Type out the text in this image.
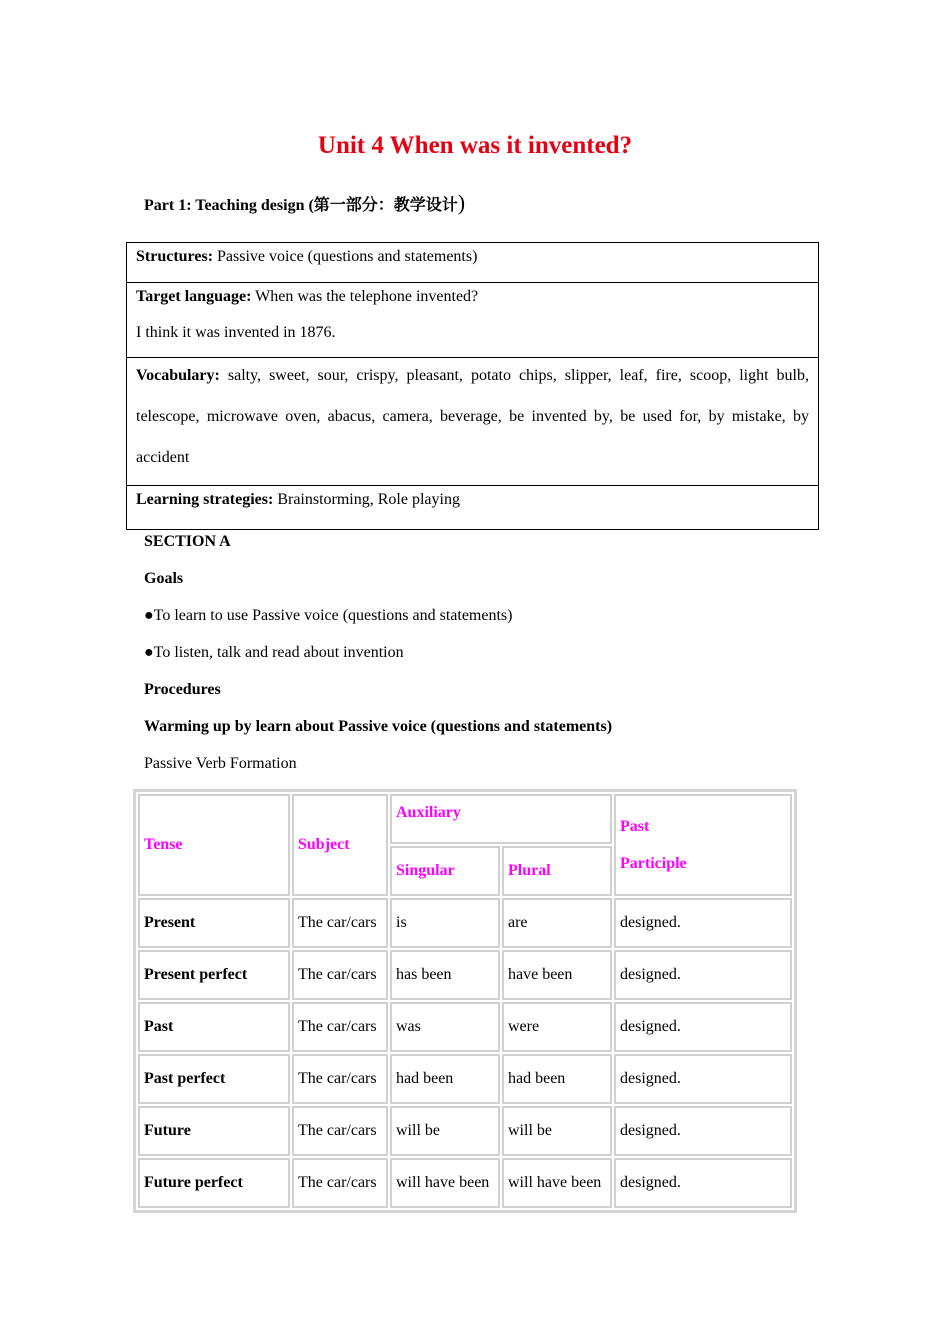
Unit 4 When was it invented?
Part 1: Teaching design (第一部分：教学设计)
Structures: Passive voice (questions and statements)
Target language: When was the telephone invented?
I think it was invented in 1876.
Vocabulary: salty, sweet, sour, crispy, pleasant, potato chips, slipper, leaf, fire, scoop, light bulb, telescope, microwave oven, abacus, camera, beverage, be invented by, be used for, by mistake, by accident
Learning strategies: Brainstorming, Role playing
SECTION A
Goals
●To learn to use Passive voice (questions and statements)
●To listen, talk and read about invention
Procedures
Warming up by learn about Passive voice (questions and statements)
Passive Verb Formation
Tense	Subject	Auxiliary		Past
Participle
		Singular	Plural	
Present	The car/cars	is	are	designed.
Present perfect	The car/cars	has been	have been	designed.
Past	The car/cars	was	were	designed.
Past perfect	The car/cars	had been	had been	designed.
Future	The car/cars	will be	will be	designed.
Future perfect	The car/cars	will have been	will have been	designed.
